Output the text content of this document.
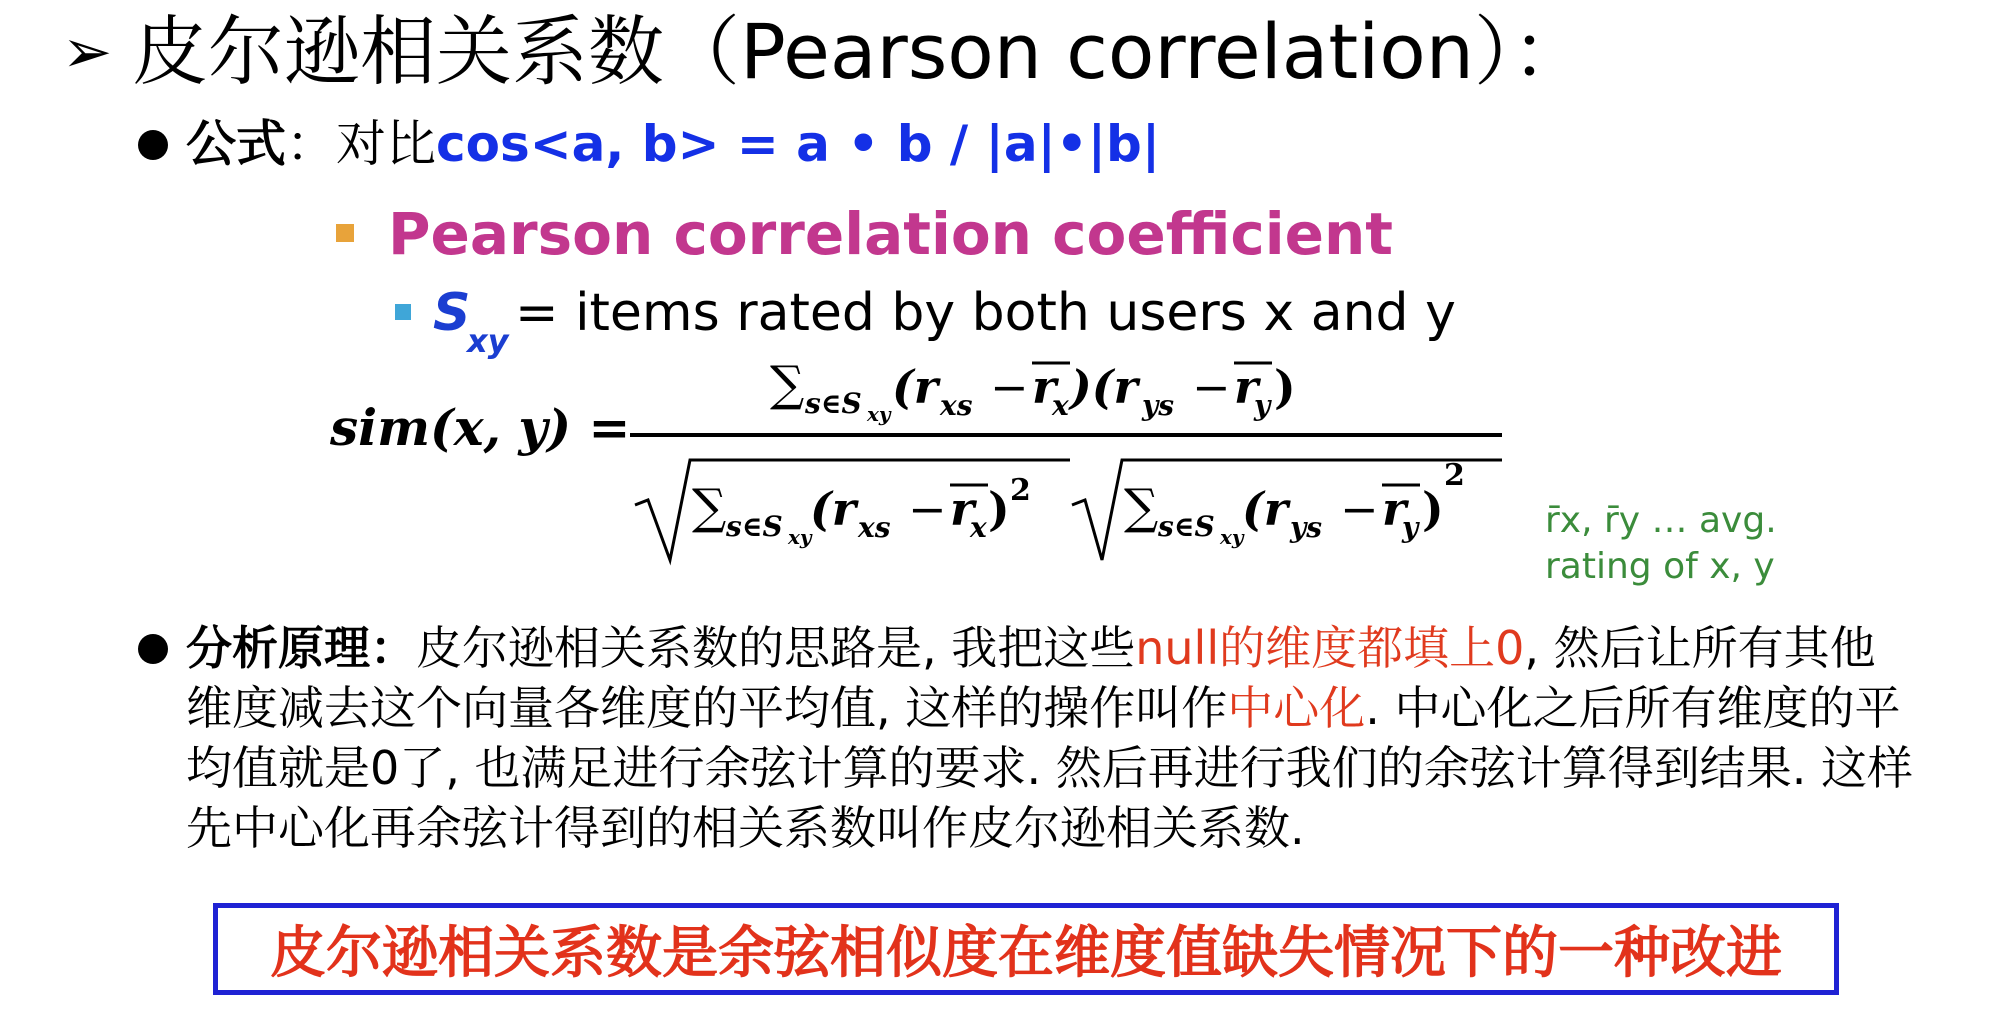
➢ 皮尔逊相关系数（Pearson correlation）：
公式：对比cos<a, b> = a • b / |a|•|b|
Pearson correlation coefficient
S
xy = items rated by both users x and y
sim(x, y) =
∑ s∈S xy (r xs − r
x )(r ys − r
y )
∑ s∈S xy
(r xs − r
x ) 2 ∑ s∈S xy
(r ys − r
y )
2
r̄x, r̄y … avg.
rating of x, y
分析原理：皮尔逊相关系数的思路是, 我把这些null的维度都填上0, 然后让所有其他
维度减去这个向量各维度的平均值, 这样的操作叫作中心化. 中心化之后所有维度的平
均值就是0了, 也满足进行余弦计算的要求. 然后再进行我们的余弦计算得到结果. 这样
先中心化再余弦计得到的相关系数叫作皮尔逊相关系数.
皮尔逊相关系数是余弦相似度在维度值缺失情况下的一种改进
